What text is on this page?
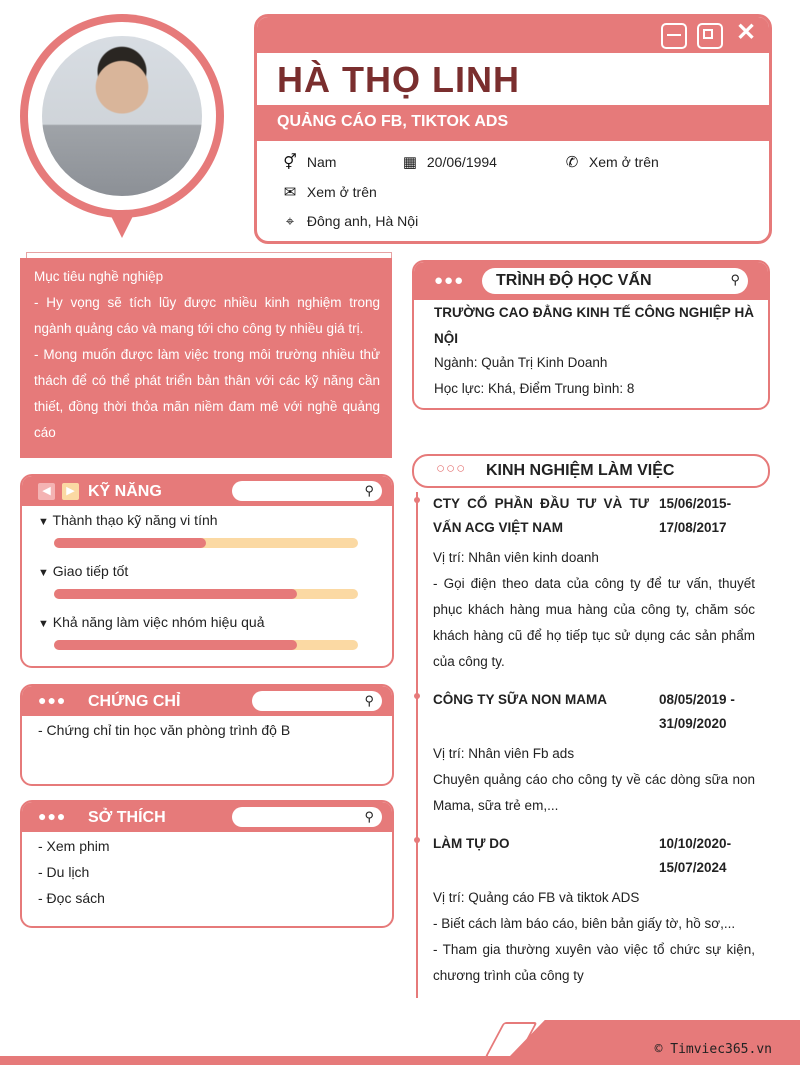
✕
HÀ THỌ LINH
QUẢNG CÁO FB, TIKTOK ADS
⚥ Nam	▦ 20/06/1994	✆ Xem ở trên
✉ Xem ở trên
⌖ Đông anh, Hà Nội
Mục tiêu nghề nghiệp
- Hy vọng sẽ tích lũy được nhiều kinh nghiệm trong ngành quảng cáo và mang tới cho công ty nhiều giá trị.
- Mong muốn được làm việc trong môi trường nhiều thử thách để có thể phát triển bản thân với các kỹ năng cần thiết, đồng thời thỏa mãn niềm đam mê với nghề quảng cáo
◀	▶ KỸ NĂNG	⚲
▼ Thành thạo kỹ năng vi tính
▼ Giao tiếp tốt
▼ Khả năng làm việc nhóm hiệu quả
●●● CHỨNG CHỈ	⚲
- Chứng chỉ tin học văn phòng trình độ B
●●● SỞ THÍCH	⚲
- Xem phim
- Du lịch
- Đọc sách
●●● TRÌNH ĐỘ HỌC VẤN	⚲
TRƯỜNG CAO ĐẲNG KINH TẾ CÔNG NGHIỆP HÀ NỘI
Ngành: Quản Trị Kinh Doanh
Học lực: Khá, Điểm Trung bình: 8
○○○ KINH NGHIỆM LÀM VIỆC
CTY CỔ PHẦN ĐẦU TƯ VÀ TƯ VẤN ACG VIỆT NAM
15/06/2015-
17/08/2017
Vị trí: Nhân viên kinh doanh
- Gọi điện theo data của công ty để tư vấn, thuyết phục khách hàng mua hàng của công ty, chăm sóc khách hàng cũ để họ tiếp tục sử dụng các sản phẩm của công ty.
CÔNG TY SỮA NON MAMA	08/05/2019 -
31/09/2020
Vị trí: Nhân viên Fb ads
Chuyên quảng cáo cho công ty về các dòng sữa non Mama, sữa trẻ em,...
LÀM TỰ DO	10/10/2020-
15/07/2024
Vị trí: Quảng cáo FB và tiktok ADS
- Biết cách làm báo cáo, biên bản giấy tờ, hồ sơ,...
- Tham gia thường xuyên vào việc tổ chức sự kiện, chương trình của công ty
© Timviec365.vn
